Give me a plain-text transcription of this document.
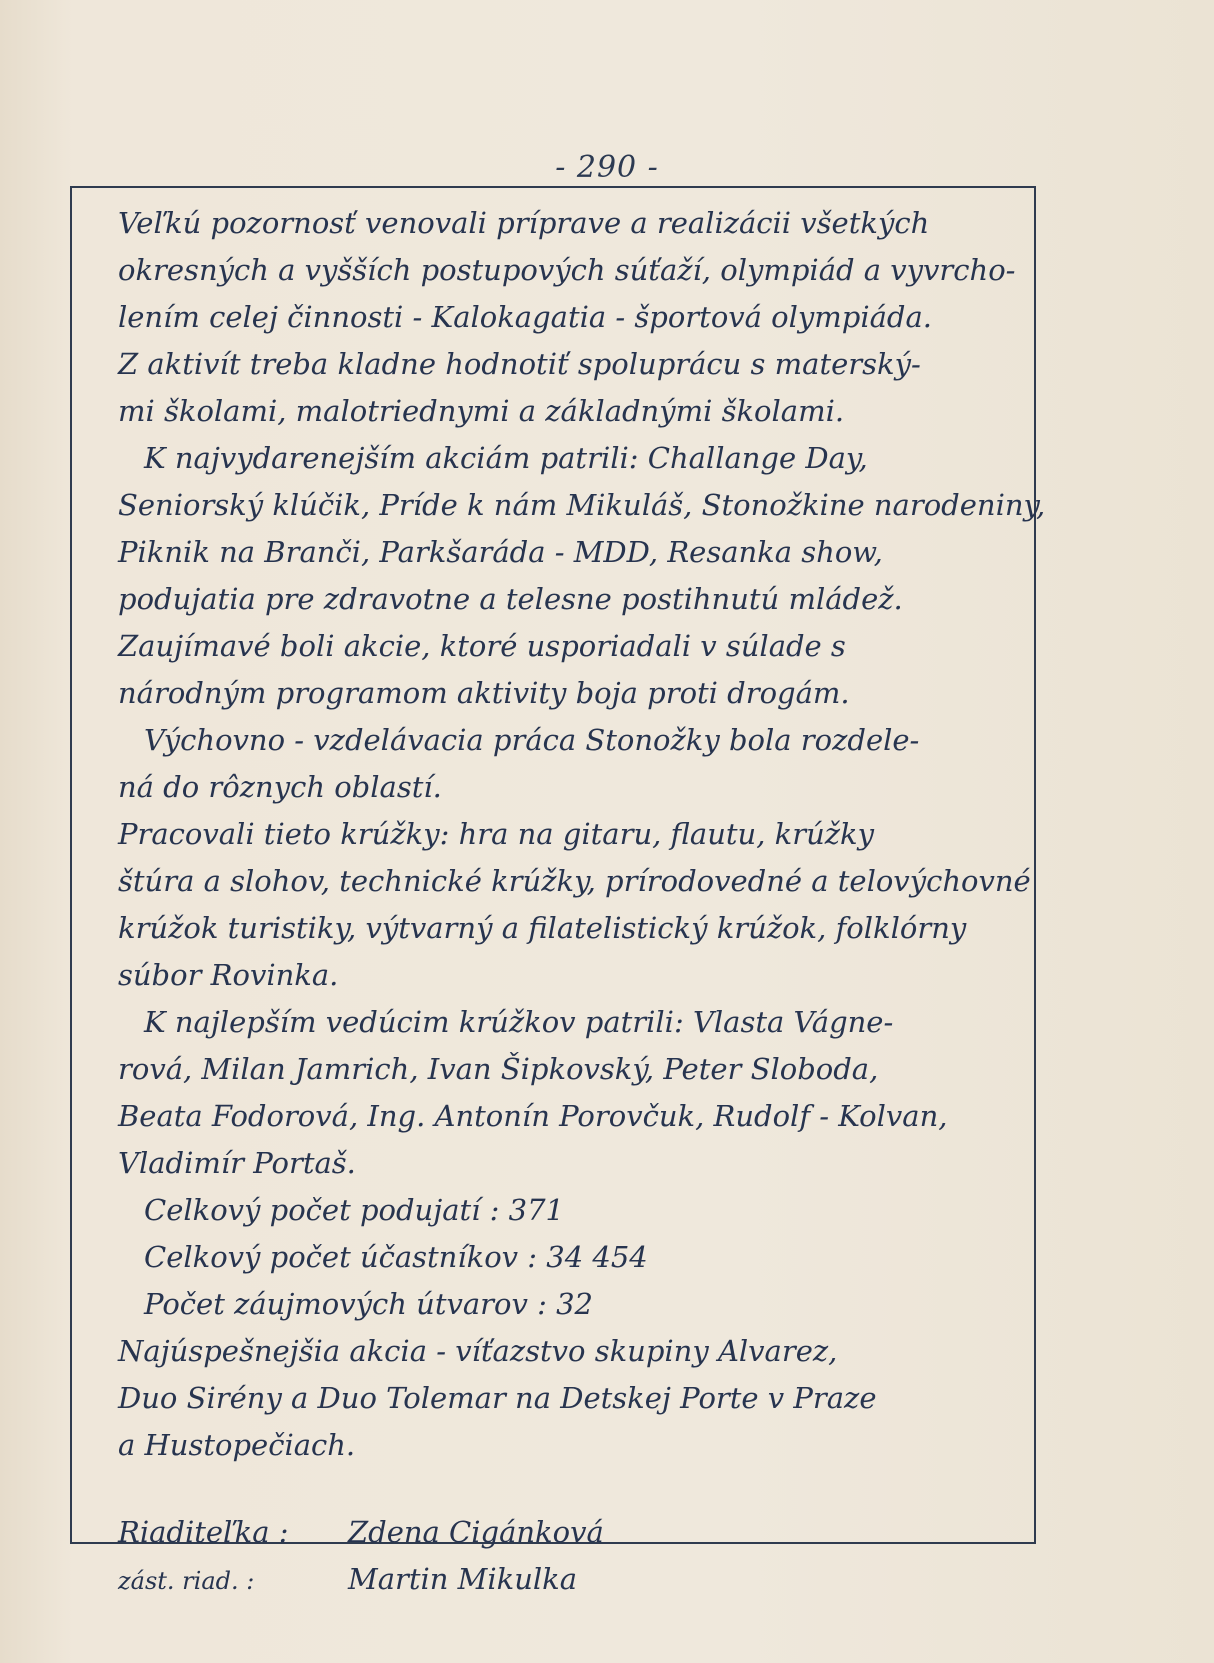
- 290 -
Veľkú pozornosť venovali príprave a realizácii všetkých
okresných a vyšších postupových súťaží, olympiád a vyvrcho-
lením celej činnosti - Kalokagatia - športová olympiáda.
Z aktivít treba kladne hodnotiť spoluprácu s materský-
mi školami, malotriednymi a základnými školami.
K najvydarenejším akciám patrili: Challange Day,
Seniorský klúčik, Príde k nám Mikuláš, Stonožkine narodeniny,
Piknik na Branči, Parkšaráda - MDD, Resanka show,
podujatia pre zdravotne a telesne postihnutú mládež.
Zaujímavé boli akcie, ktoré usporiadali v súlade s
národným programom aktivity boja proti drogám.
Výchovno - vzdelávacia práca Stonožky bola rozdele-
ná do rôznych oblastí.
Pracovali tieto krúžky: hra na gitaru, flautu, krúžky
štúra a slohov, technické krúžky, prírodovedné a telovýchovné
krúžok turistiky, výtvarný a filatelistický krúžok, folklórny
súbor Rovinka.
K najlepším vedúcim krúžkov patrili: Vlasta Vágne-
rová, Milan Jamrich, Ivan Šipkovský, Peter Sloboda,
Beata Fodorová, Ing. Antonín Porovčuk, Rudolf - Kolvan,
Vladimír Portaš.
Celkový počet podujatí : 371
Celkový počet účastníkov : 34 454
Počet záujmových útvarov : 32
Najúspešnejšia akcia - víťazstvo skupiny Alvarez,
Duo Sirény a Duo Tolemar na Detskej Porte v Praze
a Hustopečiach.
Riaditeľka : Zdena Cigánková
zást. riad. :	Martin Mikulka
